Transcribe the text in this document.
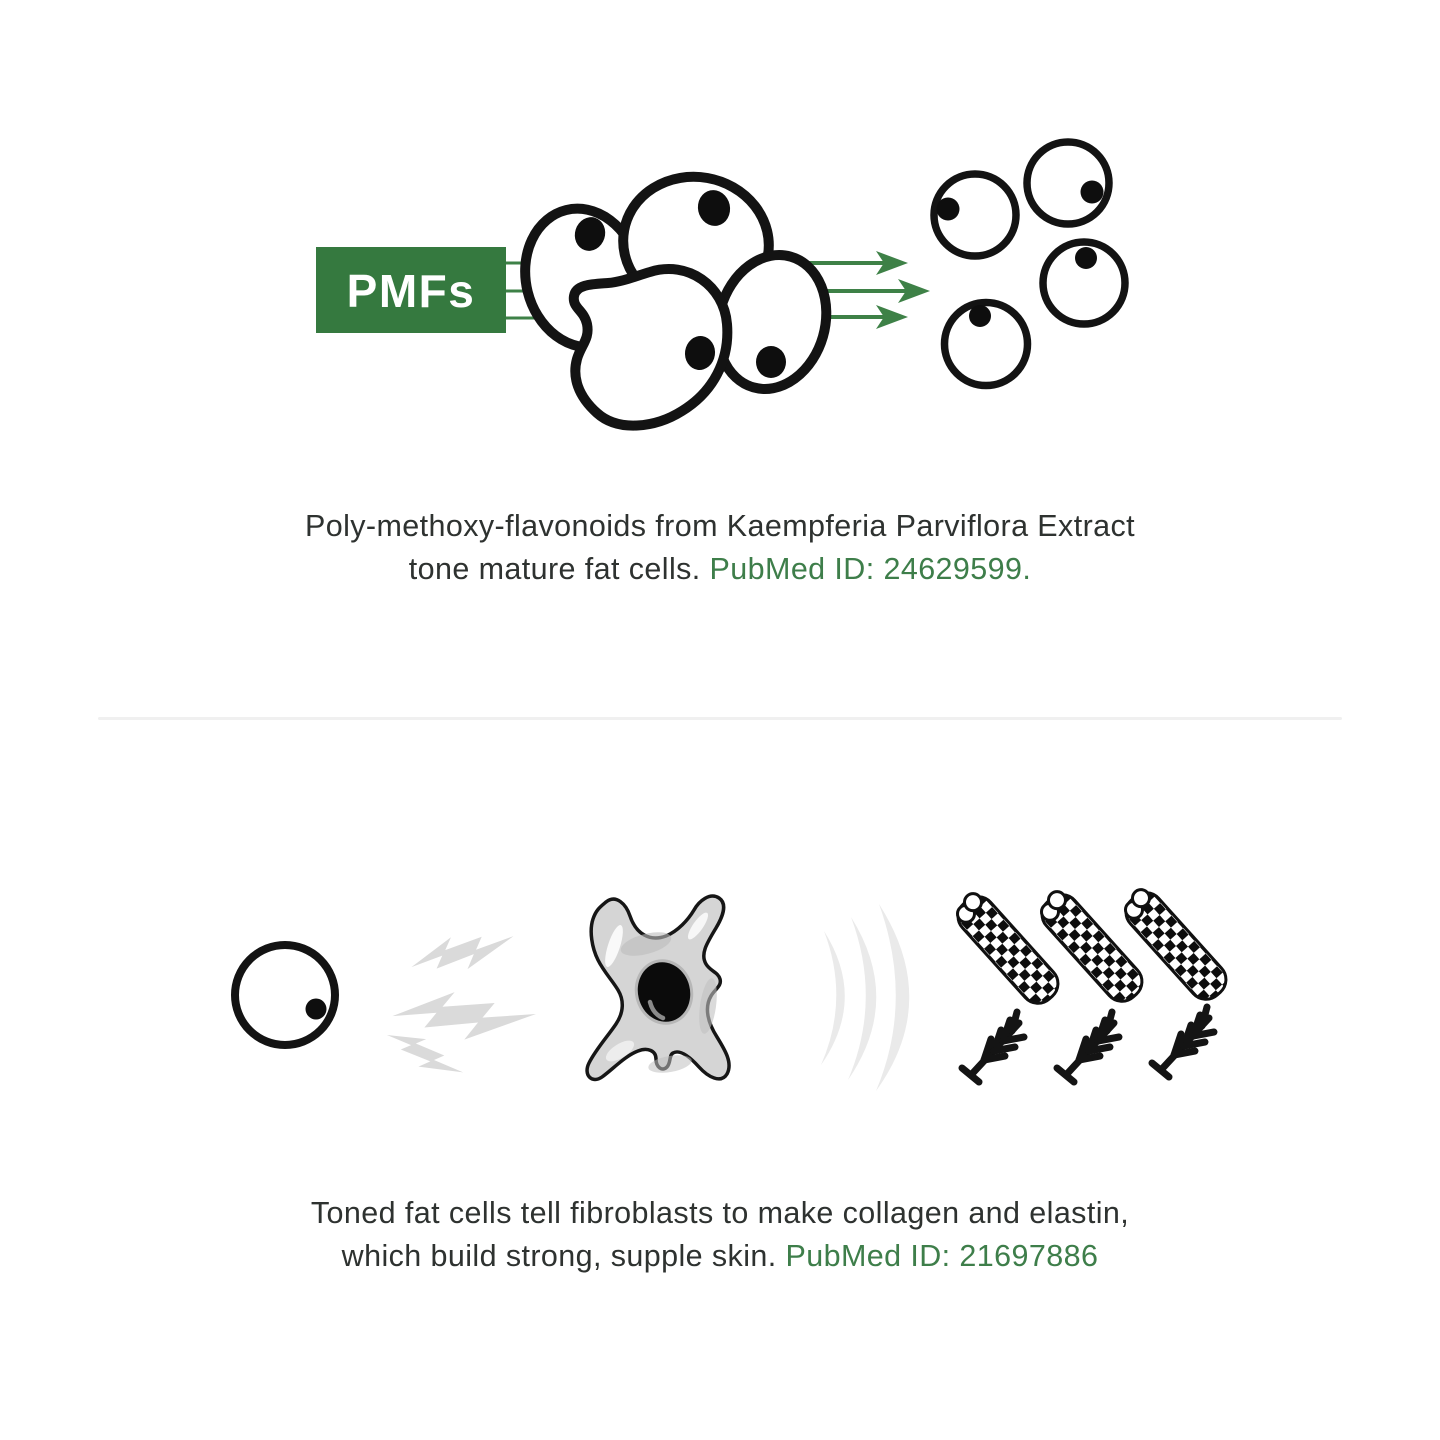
PMFs
Poly-methoxy-flavonoids from Kaempferia Parviflora Extract
tone mature fat cells. PubMed ID: 24629599.
Toned fat cells tell fibroblasts to make collagen and elastin,
which build strong, supple skin. PubMed ID: 21697886
